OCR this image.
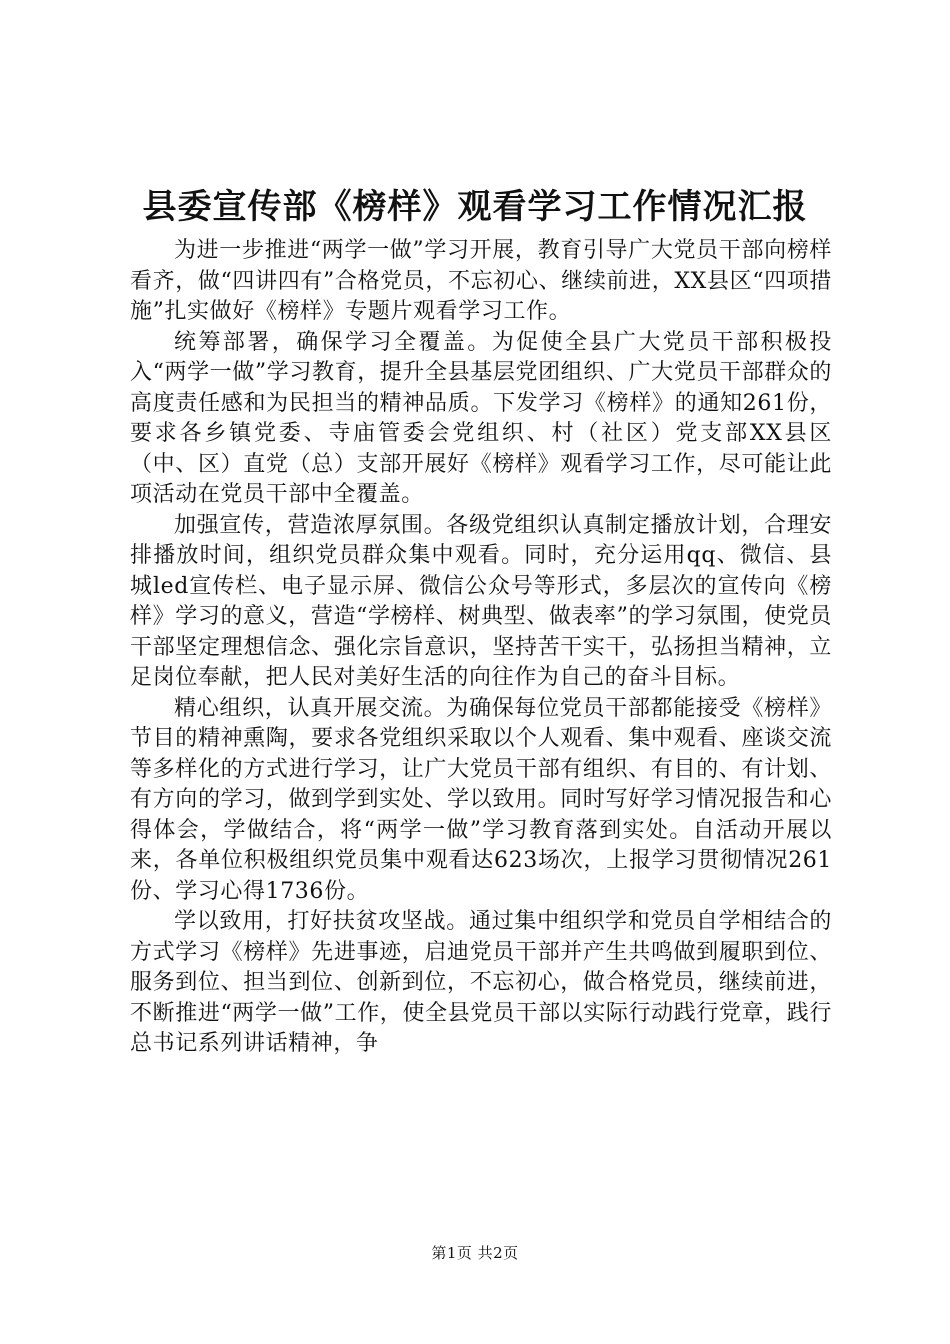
县委宣传部《榜样》观看学习工作情况汇报

为进一步推进“两学一做”学习开展，教育引导广大党员干部向榜样看齐，做“四讲四有”合格党员，不忘初心、继续前进，XX县区“四项措施”扎实做好《榜样》专题片观看学习工作。

统筹部署，确保学习全覆盖。为促使全县广大党员干部积极投入“两学一做”学习教育，提升全县基层党团组织、广大党员干部群众的高度责任感和为民担当的精神品质。下发学习《榜样》的通知261份，要求各乡镇党委、寺庙管委会党组织、村（社区）党支部XX县区（中、区）直党（总）支部开展好《榜样》观看学习工作，尽可能让此项活动在党员干部中全覆盖。

加强宣传，营造浓厚氛围。各级党组织认真制定播放计划，合理安排播放时间，组织党员群众集中观看。同时，充分运用qq、微信、县城led宣传栏、电子显示屏、微信公众号等形式，多层次的宣传向《榜样》学习的意义，营造“学榜样、树典型、做表率”的学习氛围，使党员干部坚定理想信念、强化宗旨意识，坚持苦干实干，弘扬担当精神，立足岗位奉献，把人民对美好生活的向往作为自己的奋斗目标。

精心组织，认真开展交流。为确保每位党员干部都能接受《榜样》节目的精神熏陶，要求各党组织采取以个人观看、集中观看、座谈交流等多样化的方式进行学习，让广大党员干部有组织、有目的、有计划、有方向的学习，做到学到实处、学以致用。同时写好学习情况报告和心得体会，学做结合，将“两学一做”学习教育落到实处。自活动开展以来，各单位积极组织党员集中观看达623场次，上报学习贯彻情况261份、学习心得1736份。

学以致用，打好扶贫攻坚战。通过集中组织学和党员自学相结合的方式学习《榜样》先进事迹，启迪党员干部并产生共鸣做到履职到位、服务到位、担当到位、创新到位，不忘初心，做合格党员，继续前进，不断推进“两学一做”工作，使全县党员干部以实际行动践行党章，践行总书记系列讲话精神，争

第1页 共2页
